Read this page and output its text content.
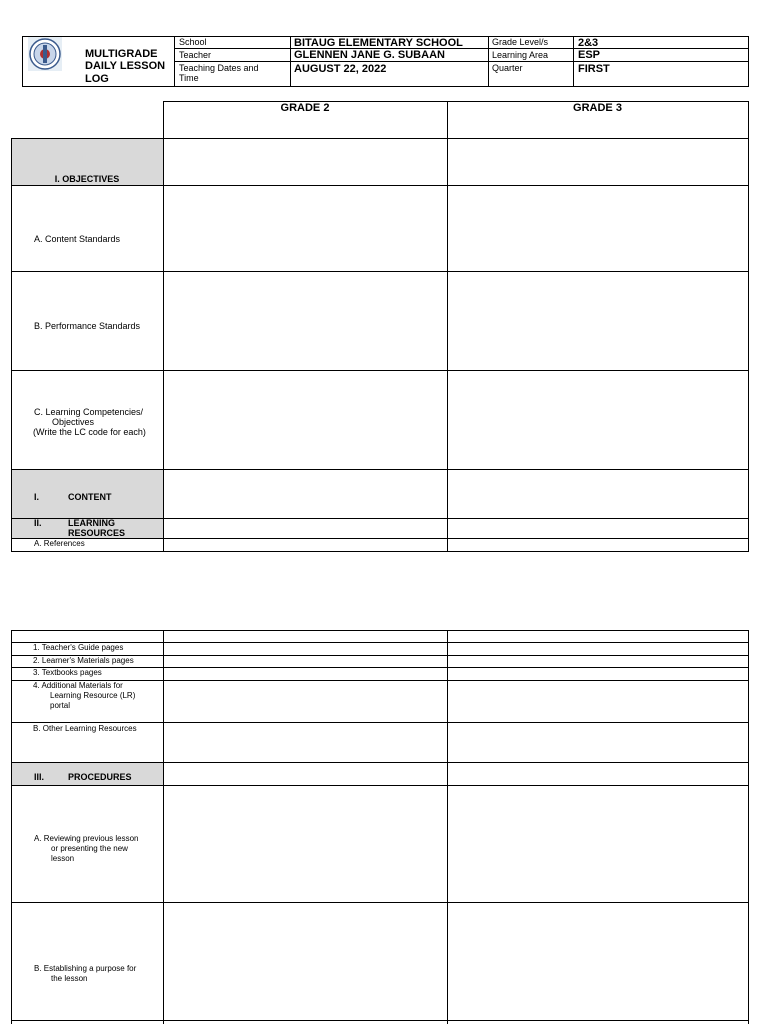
MULTIGRADE
DAILY LESSON
LOG
School	BITAUG ELEMENTARY SCHOOL	Grade Level/s	2&3
Teacher	GLENNEN JANE G. SUBAAN	Learning Area	ESP
Teaching Dates and
Time
AUGUST 22, 2022	Quarter	FIRST
GRADE 2	GRADE 3
I. OBJECTIVES
A. Content Standards
B. Performance Standards
C. Learning Competencies/
Objectives
(Write the LC code for each)
I.	CONTENT
II.	LEARNING
RESOURCES
A. References
1. Teacher's Guide pages
2. Learner's Materials pages
3. Textbooks pages
4. Additional Materials for
Learning Resource (LR)
portal
B. Other Learning Resources
III.	PROCEDURES
A. Reviewing previous lesson
or presenting the new
lesson
B. Establishing a purpose for
the lesson
